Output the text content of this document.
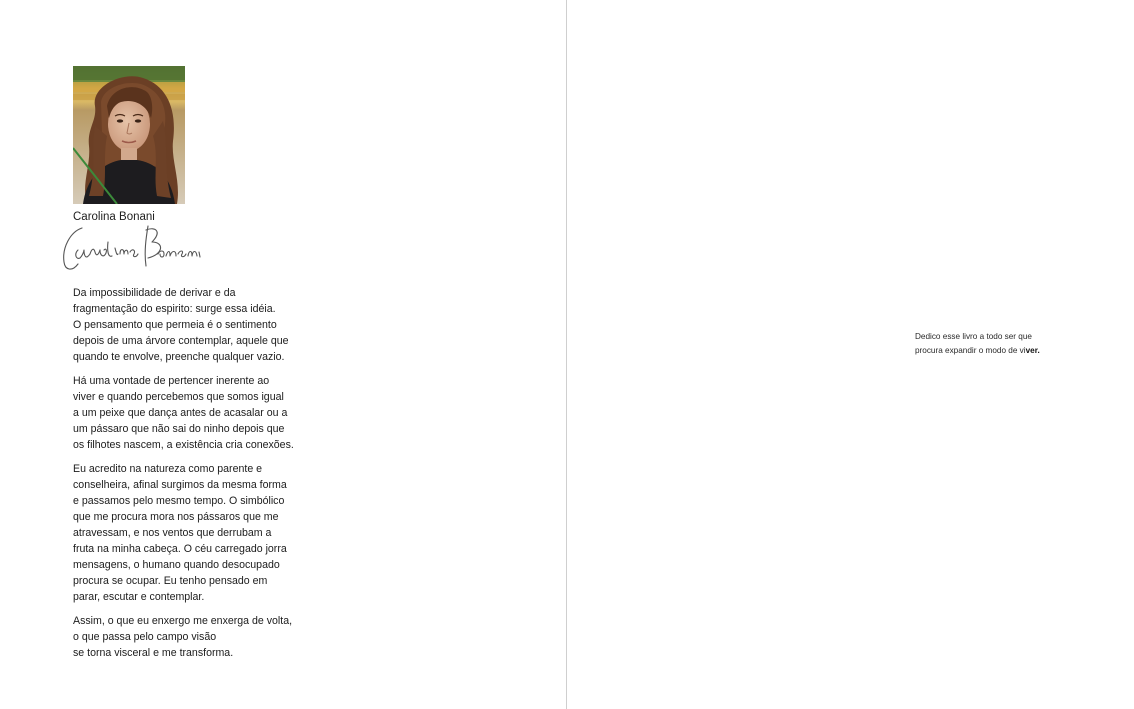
Carolina Bonani

Da impossibilidade de derivar e da
fragmentação do espirito: surge essa idéia.
O pensamento que permeia é o sentimento
depois de uma árvore contemplar, aquele que
quando te envolve, preenche qualquer vazio.

Há uma vontade de pertencer inerente ao
viver e quando percebemos que somos igual
a um peixe que dança antes de acasalar ou a
um pássaro que não sai do ninho depois que
os filhotes nascem, a existência cria conexões.

Eu acredito na natureza como parente e
conselheira, afinal surgimos da mesma forma
e passamos pelo mesmo tempo. O simbólico
que me procura mora nos pássaros que me
atravessam, e nos ventos que derrubam a
fruta na minha cabeça. O céu carregado jorra
mensagens, o humano quando desocupado
procura se ocupar. Eu tenho pensado em
parar, escutar e contemplar.

Assim, o que eu enxergo me enxerga de volta,
o que passa pelo campo visão
se torna visceral e me transforma.

Dedico esse livro a todo ser que
procura expandir o modo de viver.
